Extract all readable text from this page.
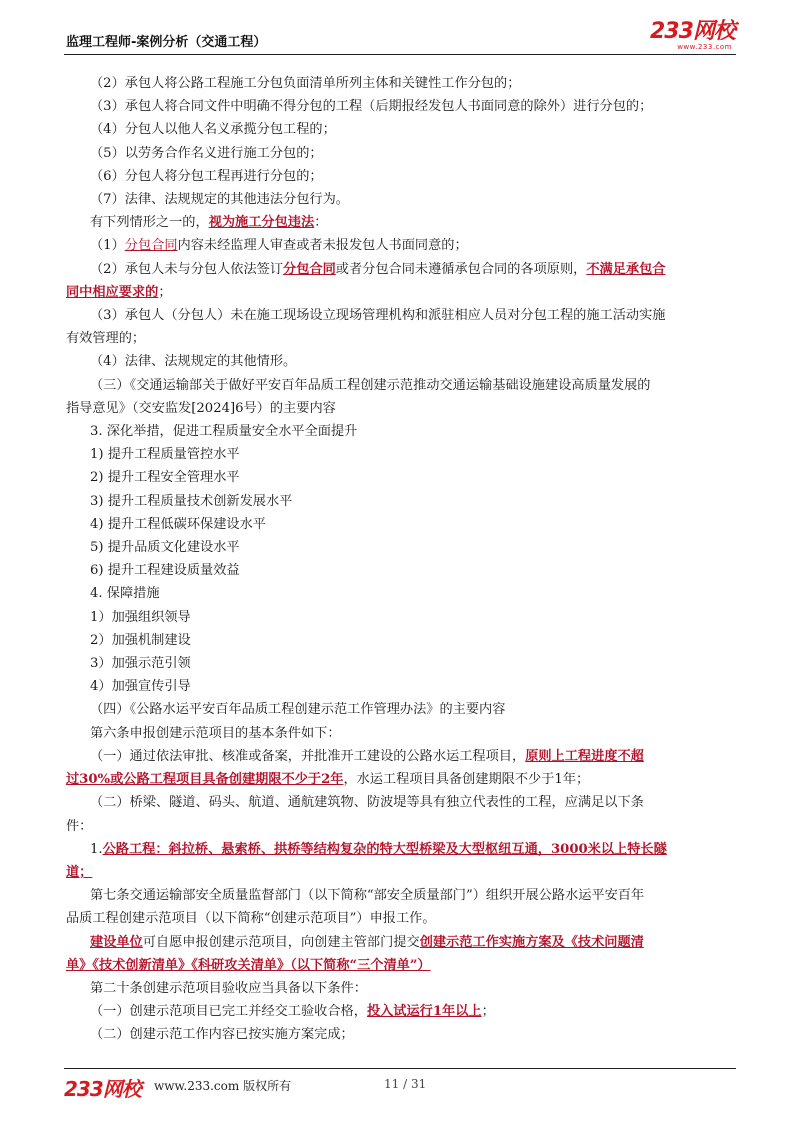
监理工程师-案例分析（交通工程）	233网校
www.233.com

（2）承包人将公路工程施工分包负面清单所列主体和关键性工作分包的；

（3）承包人将合同文件中明确不得分包的工程（后期报经发包人书面同意的除外）进行分包的；

（4）分包人以他人名义承揽分包工程的；

（5）以劳务合作名义进行施工分包的；

（6）分包人将分包工程再进行分包的；

（7）法律、法规规定的其他违法分包行为。

有下列情形之一的，视为施工分包违法：

（1）分包合同内容未经监理人审查或者未报发包人书面同意的；

（2）承包人未与分包人依法签订分包合同或者分包合同未遵循承包合同的各项原则，不满足承包合

同中相应要求的；

（3）承包人（分包人）未在施工现场设立现场管理机构和派驻相应人员对分包工程的施工活动实施

有效管理的；

（4）法律、法规规定的其他情形。

（三）《交通运输部关于做好平安百年品质工程创建示范推动交通运输基础设施建设高质量发展的

指导意见》（交安监发[2024]6号）的主要内容

3. 深化举措，促进工程质量安全水平全面提升

1) 提升工程质量管控水平

2) 提升工程安全管理水平

3) 提升工程质量技术创新发展水平

4) 提升工程低碳环保建设水平

5) 提升品质文化建设水平

6) 提升工程建设质量效益

4. 保障措施

1）加强组织领导

2）加强机制建设

3）加强示范引领

4）加强宣传引导

（四）《公路水运平安百年品质工程创建示范工作管理办法》的主要内容

第六条申报创建示范项目的基本条件如下：

（一）通过依法审批、核准或备案，并批准开工建设的公路水运工程项目，原则上工程进度不超

过30%或公路工程项目具备创建期限不少于2年，水运工程项目具备创建期限不少于1年；

（二）桥梁、隧道、码头、航道、通航建筑物、防波堤等具有独立代表性的工程，应满足以下条

件：

1.公路工程：斜拉桥、悬索桥、拱桥等结构复杂的特大型桥梁及大型枢纽互通，3000米以上特长隧

道；

第七条交通运输部安全质量监督部门（以下简称“部安全质量部门”）组织开展公路水运平安百年

品质工程创建示范项目（以下简称“创建示范项目”）申报工作。

建设单位可自愿申报创建示范项目，向创建主管部门提交创建示范工作实施方案及《技术问题清

单》《技术创新清单》《科研攻关清单》（以下简称“三个清单”）

第二十条创建示范项目验收应当具备以下条件：

（一）创建示范项目已完工并经交工验收合格，投入试运行1年以上；

（二）创建示范工作内容已按实施方案完成；

233网校 www.233.com 版权所有	11 / 31
